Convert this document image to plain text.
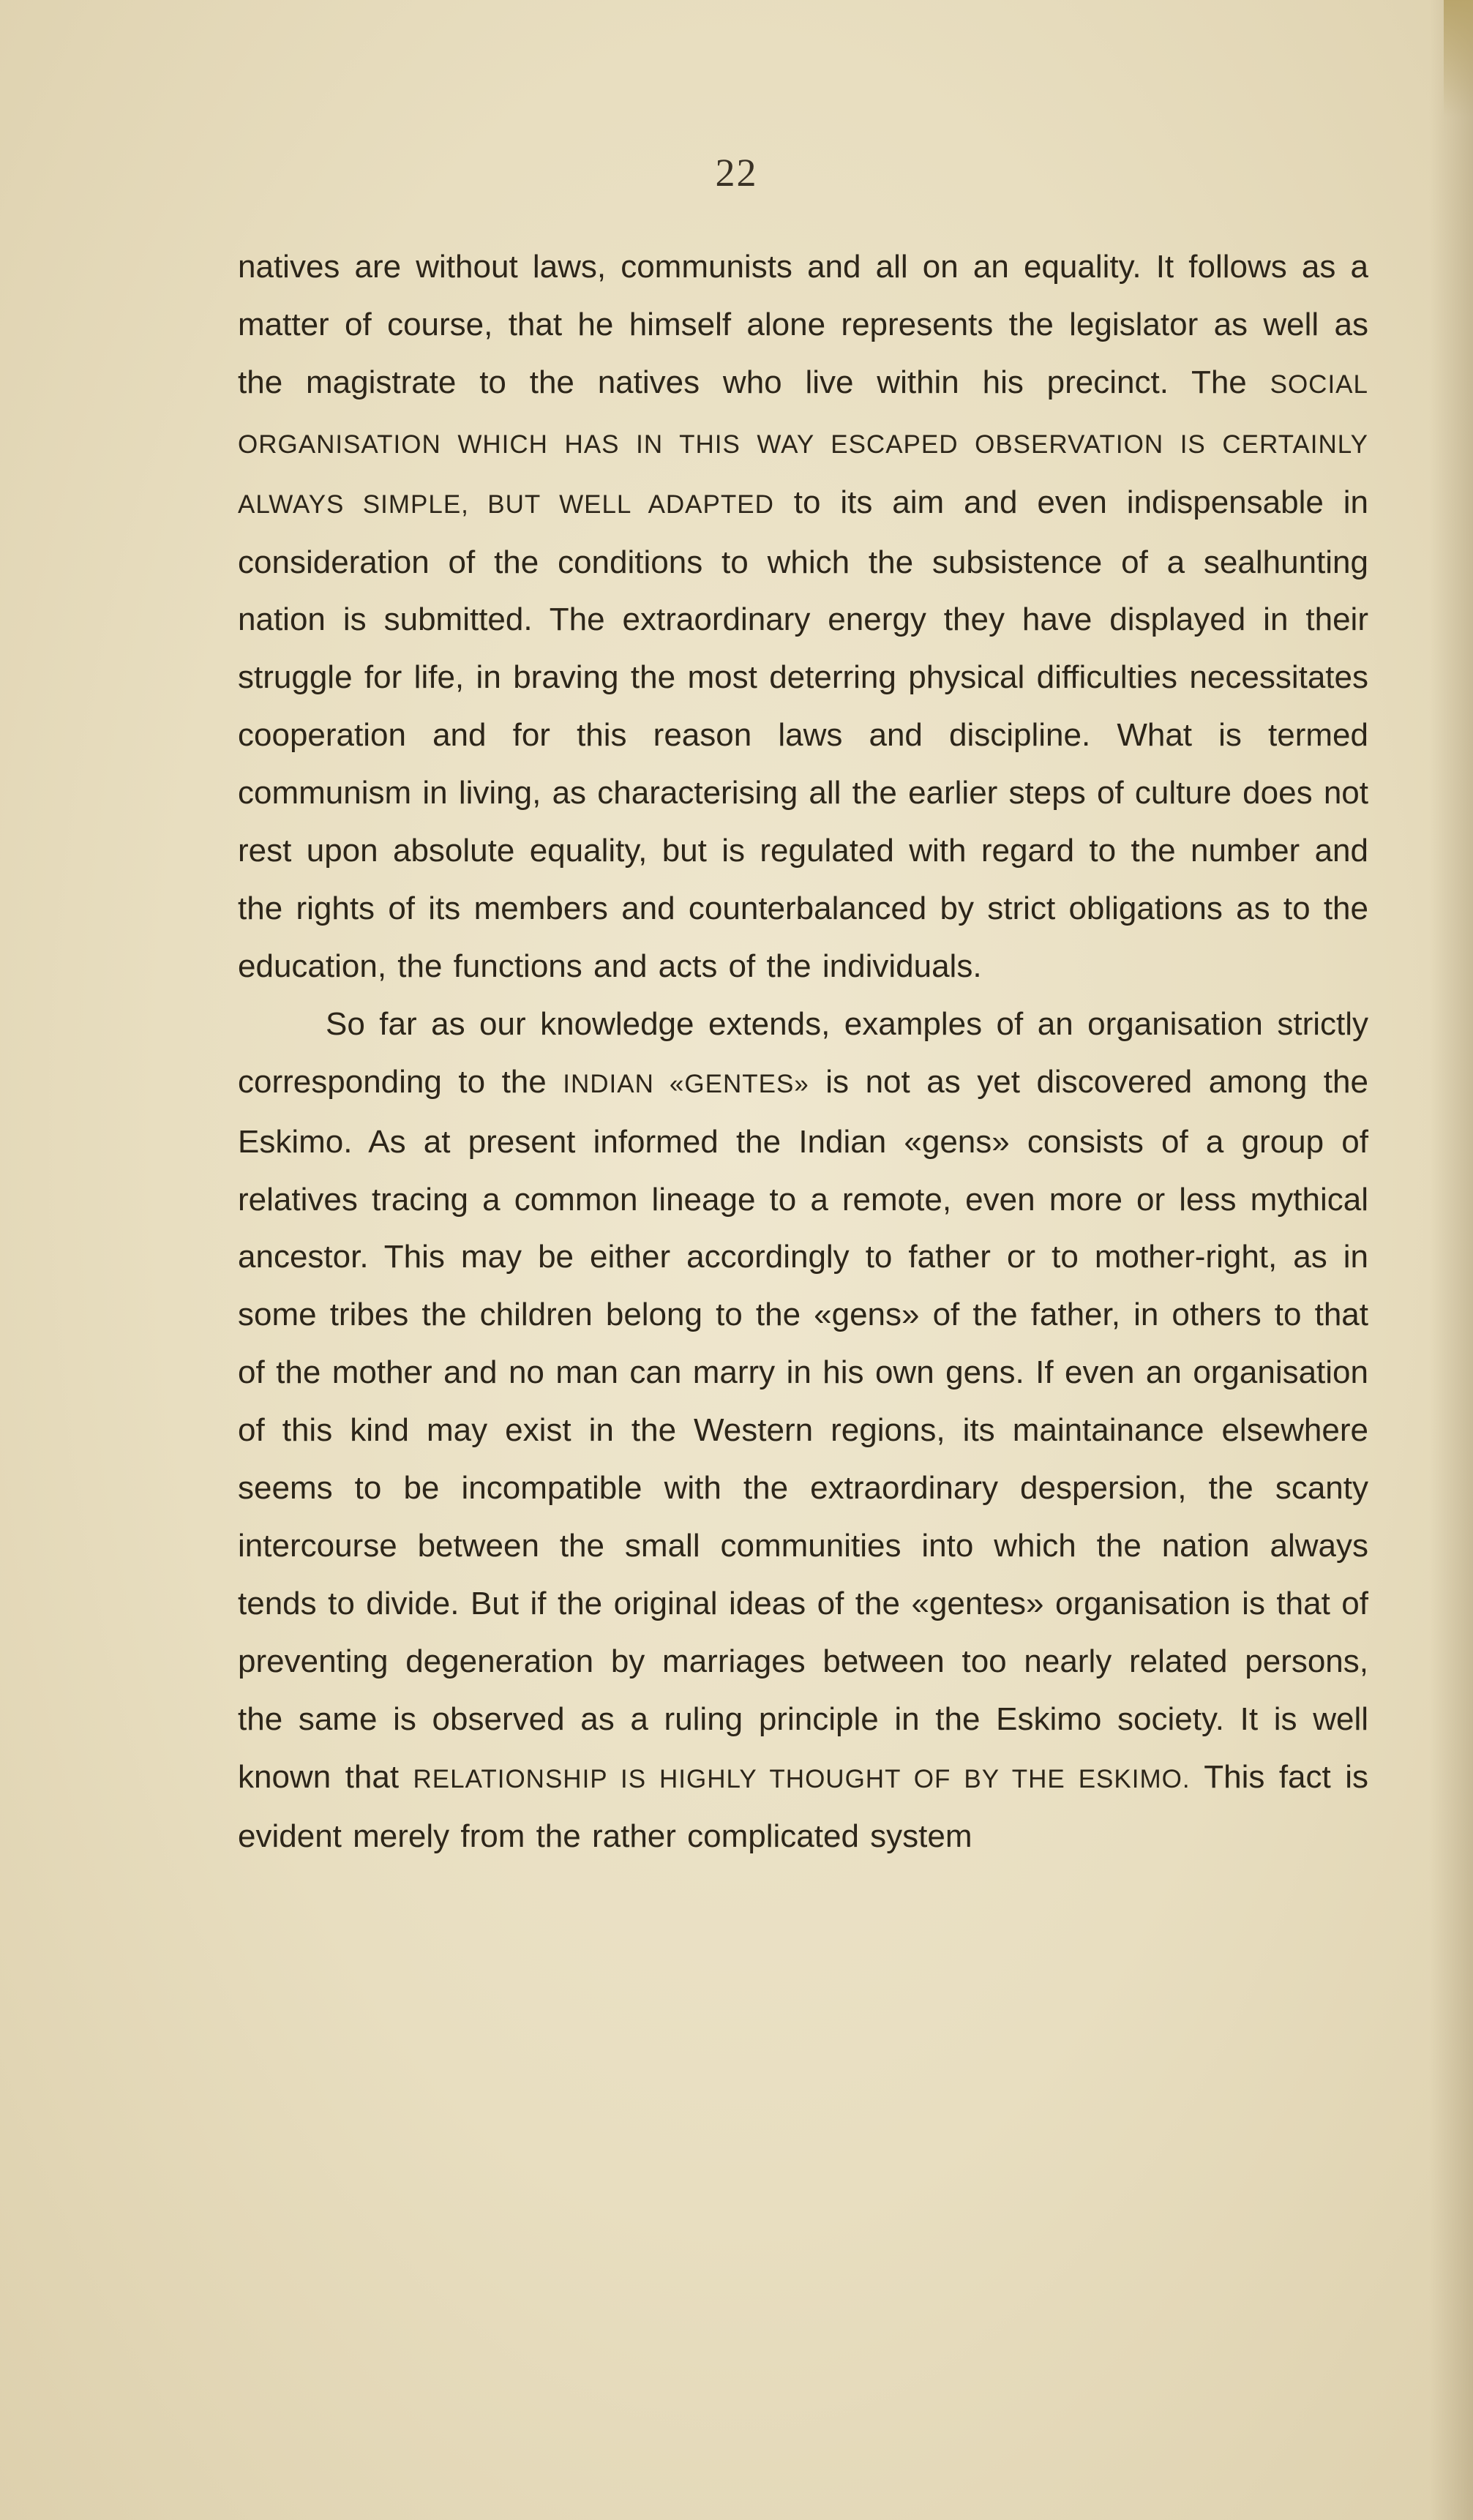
22

natives are without laws, communists and all on an equality. It follows as a matter of course, that he himself alone represents the legislator as well as the magistrate to the natives who live within his precinct. The SOCIAL ORGANISATION WHICH HAS IN THIS WAY ESCAPED OBSERVATION IS CERTAINLY ALWAYS SIMPLE, BUT WELL ADAPTED to its aim and even indispensable in consideration of the conditions to which the subsistence of a sealhunting nation is submitted. The extraordinary energy they have displayed in their struggle for life, in braving the most deterring physical difficulties necessitates cooperation and for this reason laws and discipline. What is termed communism in living, as characterising all the earlier steps of culture does not rest upon absolute equality, but is regulated with regard to the number and the rights of its members and counterbalanced by strict obligations as to the education, the functions and acts of the individuals.

So far as our knowledge extends, examples of an organisation strictly corresponding to the INDIAN «GENTES» is not as yet discovered among the Eskimo. As at present informed the Indian «gens» consists of a group of relatives tracing a common lineage to a remote, even more or less mythical ancestor. This may be either accordingly to father or to mother-right, as in some tribes the children belong to the «gens» of the father, in others to that of the mother and no man can marry in his own gens. If even an organisation of this kind may exist in the Western regions, its maintainance elsewhere seems to be incompatible with the extraordinary despersion, the scanty intercourse between the small communities into which the nation always tends to divide. But if the original ideas of the «gentes» organisation is that of preventing degeneration by marriages between too nearly related persons, the same is observed as a ruling principle in the Eskimo society. It is well known that RELATIONSHIP IS HIGHLY THOUGHT OF BY THE ESKIMO. This fact is evident merely from the rather complicated system
